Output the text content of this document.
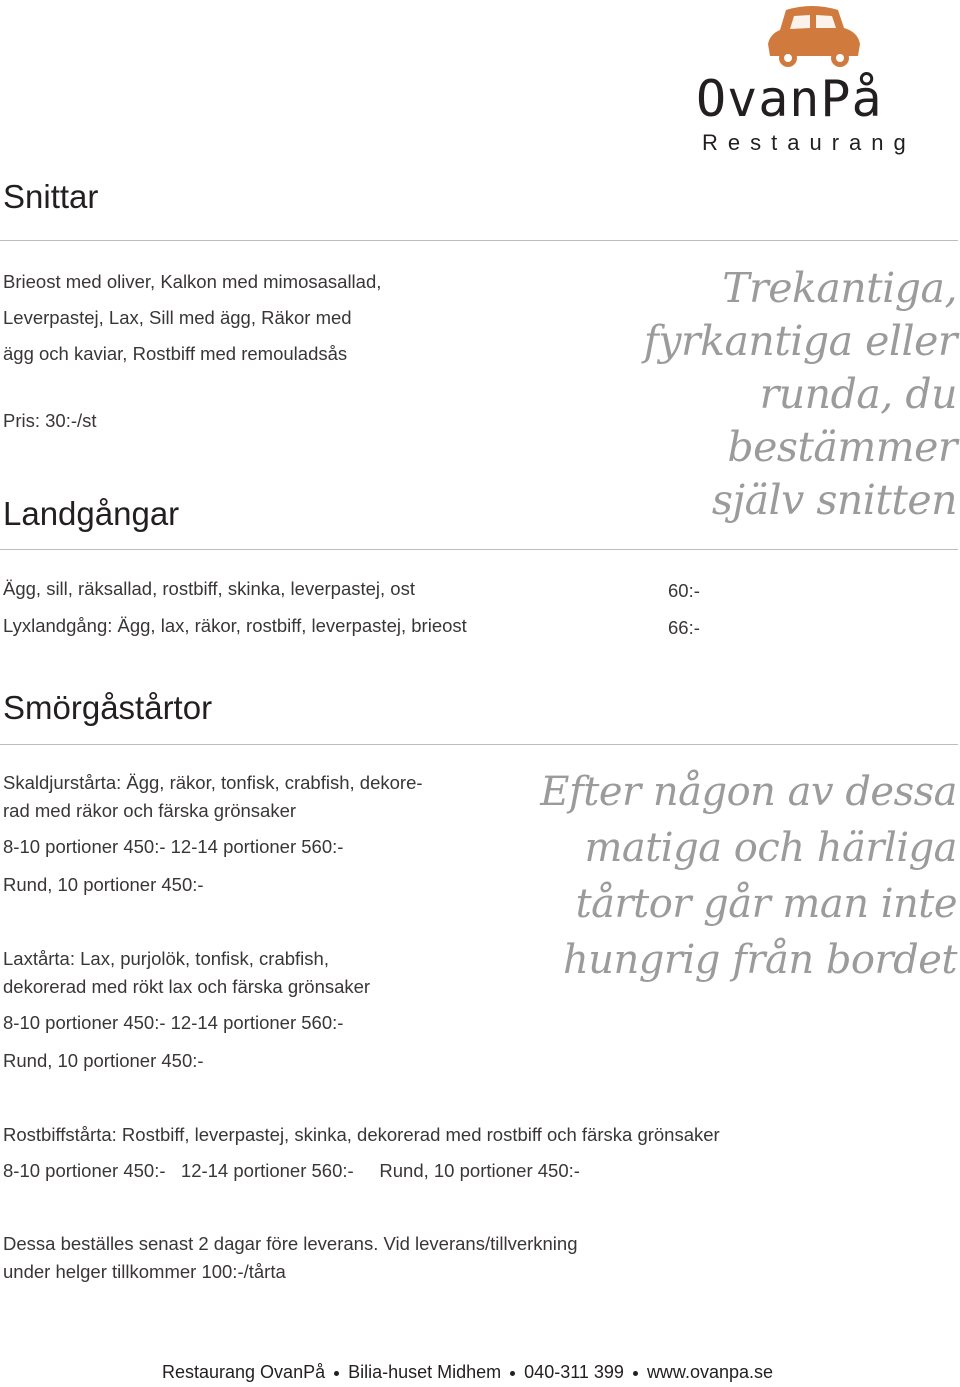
OvanPå
Restaurang
Snittar
Brieost med oliver, Kalkon med mimosasallad,
Leverpastej, Lax, Sill med ägg, Räkor med
ägg och kaviar, Rostbiff med remouladsås
Pris: 30:-/st
Trekantiga,
fyrkantiga eller
runda, du
bestämmer
själv snitten
Landgångar
Ägg, sill, räksallad, rostbiff, skinka, leverpastej, ost	60:-
Lyxlandgång: Ägg, lax, räkor, rostbiff, leverpastej, brieost	66:-
Smörgåstårtor
Skaldjurstårta: Ägg, räkor, tonfisk, crabfish, dekore-
rad med räkor och färska grönsaker
8-10 portioner 450:- 12-14 portioner 560:-
Rund, 10 portioner 450:-
Laxtårta: Lax, purjolök, tonfisk, crabfish,
dekorerad med rökt lax och färska grönsaker
8-10 portioner 450:- 12-14 portioner 560:-
Rund, 10 portioner 450:-
Efter någon av dessa
matiga och härliga
tårtor går man inte
hungrig från bordet
Rostbiffstårta: Rostbiff, leverpastej, skinka, dekorerad med rostbiff och färska grönsaker
8-10 portioner 450:-   12-14 portioner 560:-     Rund, 10 portioner 450:-
Dessa beställes senast 2 dagar före leverans. Vid leverans/tillverkning
under helger tillkommer 100:-/tårta
Restaurang OvanPå Bilia-huset Midhem 040-311 399 www.ovanpa.se
